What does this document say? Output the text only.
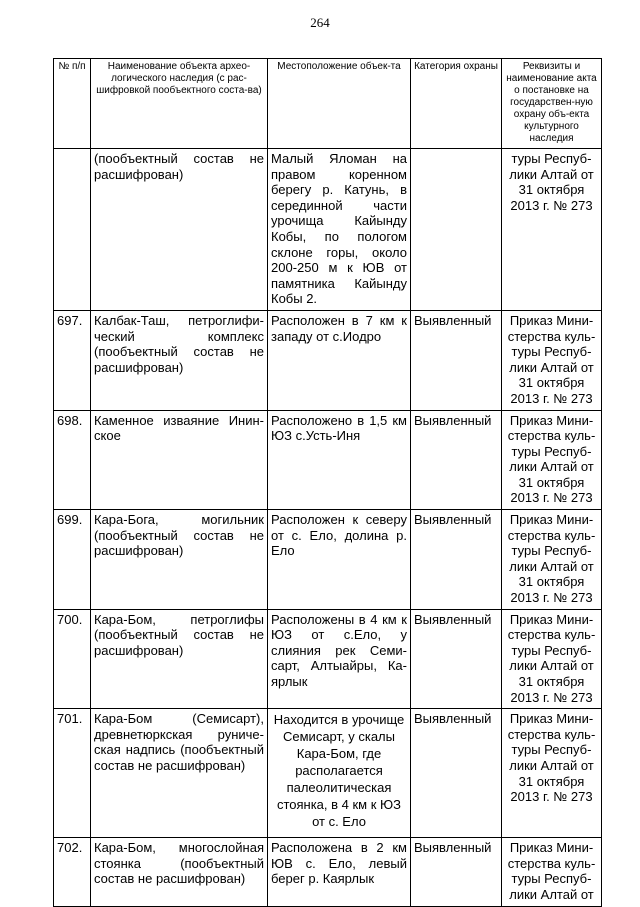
264
№ п/п	Наименование объекта архео-логического наследия (с рас-шифровкой пообъектного соста-ва)	Местоположение объек-та	Категория охраны	Реквизиты и наименование акта о постановке на государствен-ную охрану объ-екта культурного наследия
	(пообъектный состав не расшифрован)	Малый Яломан на правом коренном берегу р. Катунь, в серединной части урочища Кайынду Кобы, по пологом склоне горы, около 200-250 м к ЮВ от памятника Кайынду Кобы 2.		туры Респуб-лики Алтай от 31 октября 2013 г. № 273
697.	Калбак-Таш, петроглифи-ческий комплекс (пообъектный состав не расшифрован)	Расположен в 7 км к западу от с.Иодро	Выявленный	Приказ Мини-стерства куль-туры Респуб-лики Алтай от 31 октября 2013 г. № 273
698.	Каменное изваяние Инин-ское	Расположено в 1,5 км ЮЗ с.Усть-Иня	Выявленный	Приказ Мини-стерства куль-туры Респуб-лики Алтай от 31 октября 2013 г. № 273
699.	Кара-Бога, могильник (пообъектный состав не расшифрован)	Расположен к северу от с. Ело, долина р. Ело	Выявленный	Приказ Мини-стерства куль-туры Респуб-лики Алтай от 31 октября 2013 г. № 273
700.	Кара-Бом, петроглифы (пообъектный состав не расшифрован)	Расположены в 4 км к ЮЗ от с.Ело, у слияния рек Семи-сарт, Алтыайры, Ка-ярлык	Выявленный	Приказ Мини-стерства куль-туры Респуб-лики Алтай от 31 октября 2013 г. № 273
701.	Кара-Бом (Семисарт), древнетюркская руниче-ская надпись (пообъектный состав не расшифрован)	Находится в урочище Семисарт, у скалы Кара-Бом, где располагается палеолитическая стоянка, в 4 км к ЮЗ от с. Ело	Выявленный	Приказ Мини-стерства куль-туры Респуб-лики Алтай от 31 октября 2013 г. № 273
702.	Кара-Бом, многослойная стоянка (пообъектный состав не расшифрован)	Расположена в 2 км ЮВ с. Ело, левый берег р. Каярлык	Выявленный	Приказ Мини-стерства куль-туры Респуб-лики Алтай от
